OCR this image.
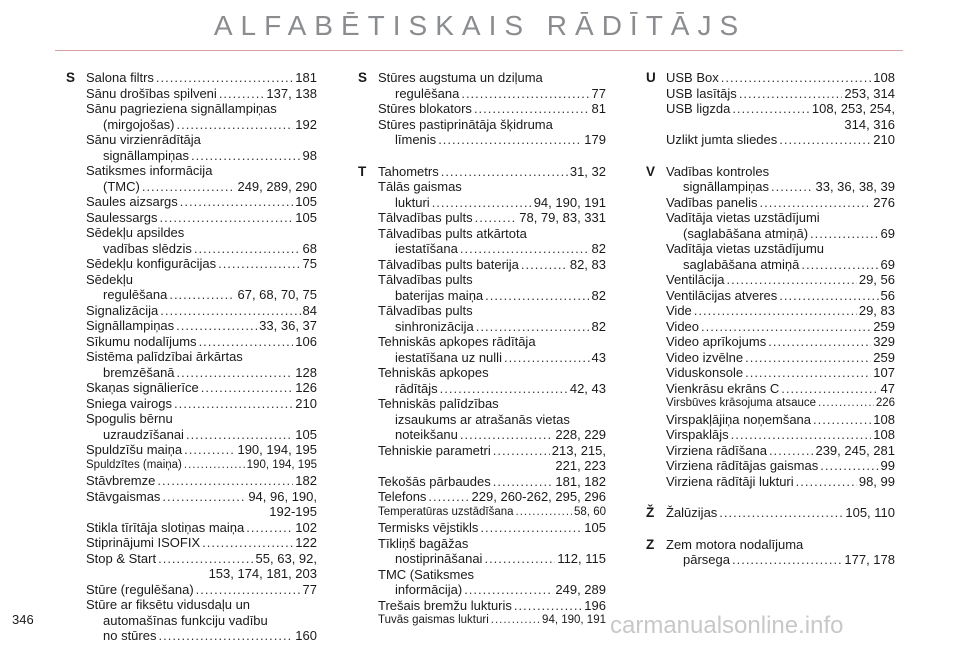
ALFABĒTISKAIS RĀDĪTĀJS
S Salona filtrs .....	181
Sānu drošības spilveni .....	137, 138
Sānu pagrieziena signāllampiņas
(mirgojošas) .....	192
Sānu virzienrādītāja
signāllampiņas .....	98
Satiksmes informācija
(TMC) .....	249, 289, 290
Saules aizsargs .....	105
Saulessargs .....	105
Sēdekļu apsildes
vadības slēdzis .....	68
Sēdekļu konfigurācijas .....	75
Sēdekļu
regulēšana .....	67, 68, 70, 75
Signalizācija .....	84
Signāllampiņas .....	33, 36, 37
Sīkumu nodalījums .....	106
Sistēma palīdzībai ārkārtas
bremzēšanā .....	128
Skaņas signālierīce .....	126
Sniega vairogs .....	210
Spogulis bērnu
uzraudzīšanai .....	105
Spuldzīšu maiņa .....	190, 194, 195
Spuldzītes (maiņa) .....	190, 194, 195
Stāvbremze .....	182
Stāvgaismas .....	94, 96, 190,
192-195
Stikla tīrītāja slotiņas maiņa .....	102
Stiprinājumi ISOFIX .....	122
Stop & Start .....	55, 63, 92,
153, 174, 181, 203
Stūre (regulēšana) .....	77
Stūre ar fiksētu vidusdaļu un
automašīnas funkciju vadību
no stūres .....	160
S Stūres augstuma un dziļuma
regulēšana .....	77
Stūres blokators .....	81
Stūres pastiprinātāja šķidruma
līmenis .....	179
T Tahometrs .....	31, 32
Tālās gaismas
lukturi .....	94, 190, 191
Tālvadības pults .....	78, 79, 83, 331
Tālvadības pults atkārtota
iestatīšana .....	82
Tālvadības pults baterija .....	82, 83
Tālvadības pults
baterijas maiņa .....	82
Tālvadības pults
sinhronizācija .....	82
Tehniskās apkopes rādītāja
iestatīšana uz nulli .....	43
Tehniskās apkopes
rādītājs .....	42, 43
Tehniskās palīdzības
izsaukums ar atrašanās vietas
noteikšanu .....	228, 229
Tehniskie parametri .....	213, 215,
221, 223
Tekošās pārbaudes .....	181, 182
Telefons .....	229, 260-262, 295, 296
Temperatūras uzstādīšana .....	58, 60
Termisks vējstikls .....	105
Tīkliņš bagāžas
nostiprināšanai .....	112, 115
TMC (Satiksmes
informācija) .....	249, 289
Trešais bremžu lukturis .....	196
Tuvās gaismas lukturi .....	94, 190, 191
U USB Box .....	108
USB lasītājs .....	253, 314
USB ligzda .....	108, 253, 254,
314, 316
Uzlikt jumta sliedes .....	210
V Vadības kontroles
signāllampiņas .....	33, 36, 38, 39
Vadības panelis .....	276
Vadītāja vietas uzstādījumi
(saglabāšana atmiņā) .....	69
Vadītāja vietas uzstādījumu
saglabāšana atmiņā .....	69
Ventilācija .....	29, 56
Ventilācijas atveres .....	56
Vide .....	29, 83
Video .....	259
Video aprīkojums .....	329
Video izvēlne .....	259
Viduskonsole .....	107
Vienkrāsu ekrāns C .....	47
Virsbūves krāsojuma atsauce .....	226
Virspakļājiņa noņemšana .....	108
Virspaklājs .....	108
Virziena rādīšana .....	239, 245, 281
Virziena rādītājas gaismas .....	99
Virziena rādītāji lukturi .....	98, 99
Ž Žalūzijas .....	105, 110
Z Zem motora nodalījuma
pārsega .....	177, 178
346	carmanualsonline.info
